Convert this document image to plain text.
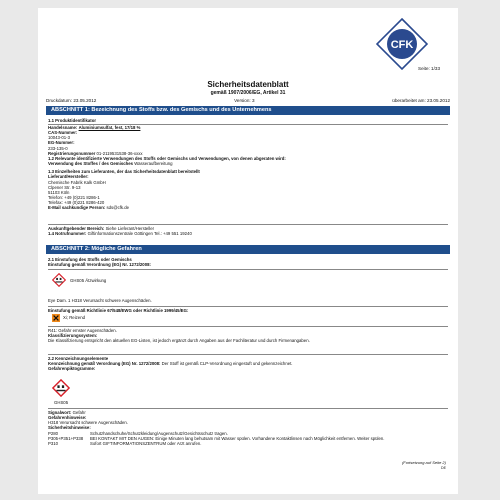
CFK
Seite: 1/33
Sicherheitsdatenblatt
gemäß 1907/2006/EG, Artikel 31
Druckdatum: 23.05.2012	Version: 3	überarbeitet am: 23.05.2012
ABSCHNITT 1: Bezeichnung des Stoffs bzw. des Gemischs und des Unternehmens
1.1 Produktidentifikator
Handelsname: Aluminiumsulfat, fest, 17/18 %
CAS-Nummer:
10043-01-3
EG-Nummer:
233-135-0
Registrierungsnummer 01-2119531538-36-xxxx
1.2 Relevante identifizierte Verwendungen des Stoffs oder Gemischs und Verwendungen, von denen abgeraten wird:
Verwendung des Stoffes / des Gemisches Wasseraufbereitung
1.3 Einzelheiten zum Lieferanten, der das Sicherheitsdatenblatt bereitstellt
Lieferant/Hersteller:
Chemische Fabrik Kalk GmbH
Clpener Str. 9-13
51103 Köln
Telefon: +49 (0)221 8286-1
Telefax: +49 (0)221 8286-420
E-Mail sachkundige Person: sds@cfk.de
Auskunftgebender Bereich: Siehe Lieferant/Hersteller
1.4 Notrufnummer: Giftinformationszentrale Göttingen Tel.: +49 551 19240
ABSCHNITT 2: Mögliche Gefahren
2.1 Einstufung des Stoffs oder Gemischs
Einstufung gemäß Verordnung (EG) Nr. 1272/2008:
GHS05 Ätzwirkung
Eye Dam. 1 H318 Verursacht schwere Augenschäden.
Einstufung gemäß Richtlinie 67/548/EWG oder Richtlinie 1999/45/EG:
Xi; Reizend
R41: Gefahr ernster Augenschäden.
Klassifizierungssystem:
Die Klassifizierung entspricht den aktuellen EG-Listen, ist jedoch ergänzt durch Angaben aus der Fachliteratur und durch Firmenangaben.
2.2 Kennzeichnungselemente
Kennzeichnung gemäß Verordnung (EG) Nr. 1272/2008: Der Stoff ist gemäß CLP-Verordnung eingestuft und gekennzeichnet.
Gefahrenpiktogramme:
GHS05
Signalwort: Gefahr
Gefahrenhinweise:
H318 Verursacht schwere Augenschäden.
Sicherheitshinweise:
P280	Schutzhandschuhe/Schutzkleidung/Augenschutz/Gesichtsschutz tragen.
P305+P351+P338	BEI KONTAKT MIT DEN AUGEN: Einige Minuten lang behutsam mit Wasser spülen. Vorhandene Kontaktlinsen nach Möglichkeit entfernen. Weiter spülen.
P310	Sofort GIFTINFORMATIONSZENTRUM oder Arzt anrufen.
(Fortsetzung auf Seite 2)
DE
